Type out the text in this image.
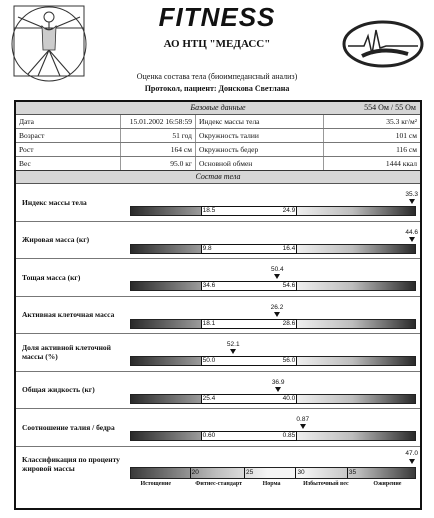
FITNESS
АО НТЦ "МЕДАСС"
Оценка состава тела (биоимпедансный анализ)
Протокол, пациент: Донскова Светлана
Базовые данные	554 Ом / 55 Ом
Дата	15.01.2002 16:58:59	Индекс массы тела	35.3 кг/м²
Возраст	51 год	Окружность талии	101 см
Рост	164 см	Окружность бедер	116 см
Вес	95.0 кг	Основной обмен	1444 ккал
Состав тела
Индекс массы тела
35.3
18.5	24.9
Жировая масса (кг)
44.6
9.8	16.4
Тощая масса (кг)
50.4
34.6	54.6
Активная клеточная масса
26.2
18.1	28.6
Доля активной клеточной массы (%)
52.1
50.0	56.0
Общая жидкость (кг)
36.9
25.4	40.0
Соотношение талия / бедра
0.87
0.60	0.85
Классификация по проценту жировой массы
47.0
20	25	30	35
Истощение	Фитнес-стандарт	Норма	Избыточный вес	Ожирение
